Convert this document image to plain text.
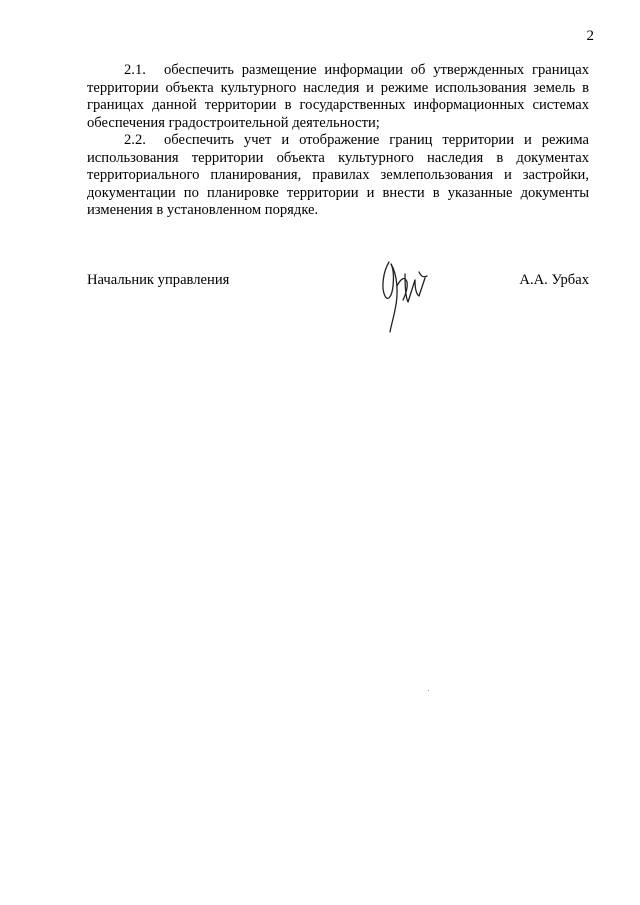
2

2.1. обеспечить размещение информации об утвержденных границах территории объекта культурного наследия и режиме использования земель в границах данной территории в государственных информационных системах обеспечения градостроительной деятельности;

2.2. обеспечить учет и отображение границ территории и режима использования территории объекта культурного наследия в документах территориального планирования, правилах землепользования и застройки, документации по планировке территории и внести в указанные документы изменения в установленном порядке.

Начальник управления	А.А. Урбах
